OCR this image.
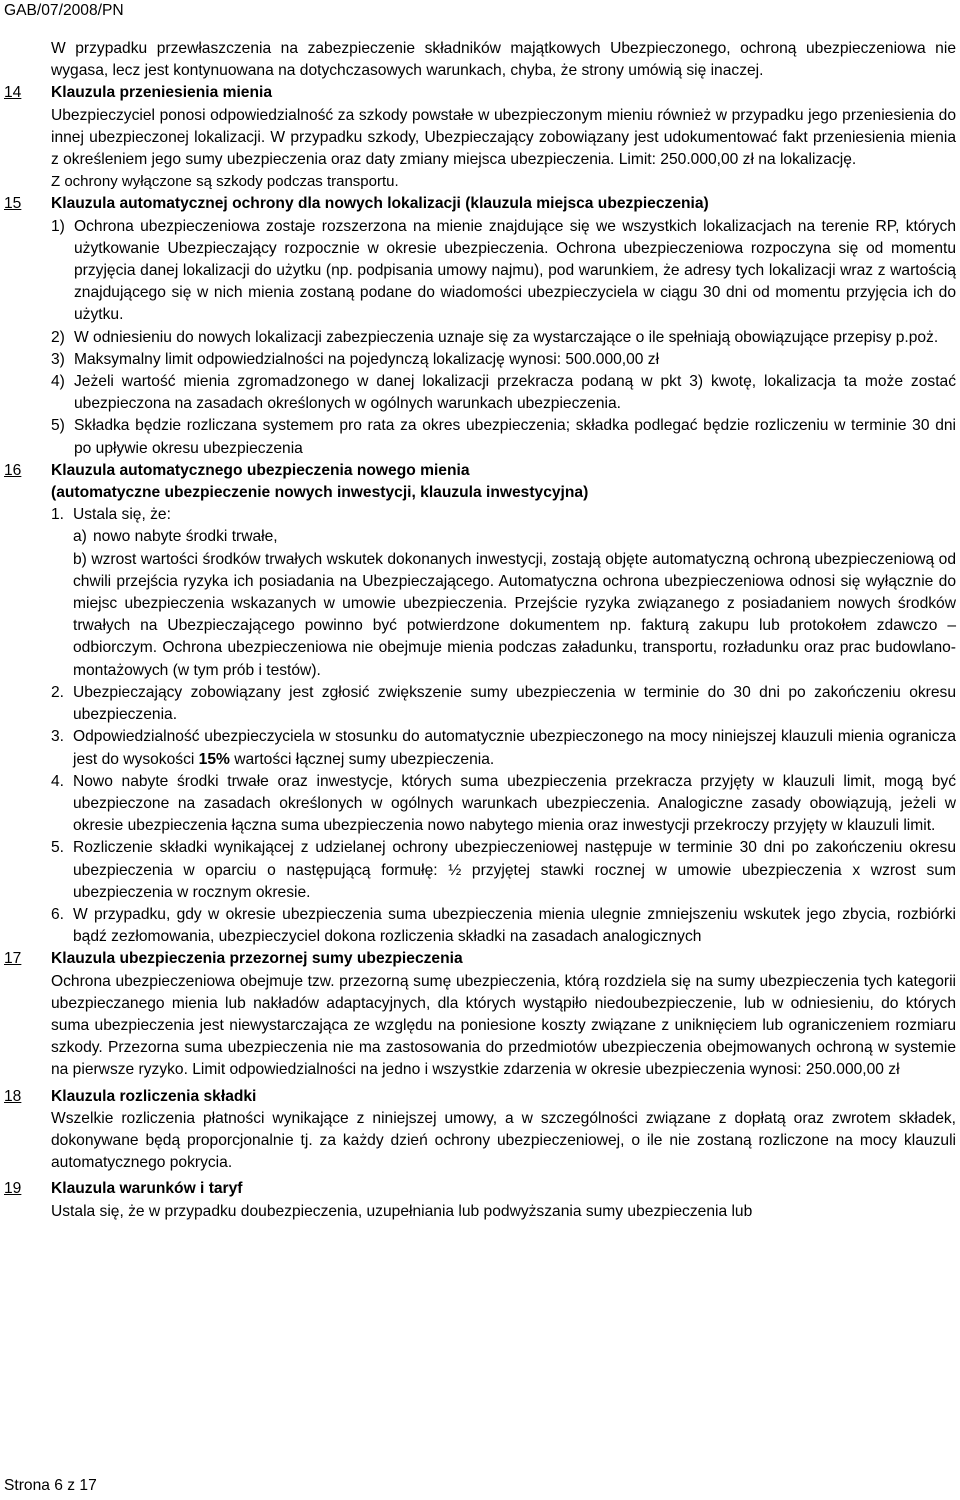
GAB/07/2008/PN
W przypadku przewłaszczenia na zabezpieczenie składników majątkowych Ubezpieczonego, ochroną ubezpieczeniowa nie wygasa, lecz jest kontynuowana na dotychczasowych warunkach, chyba, że strony umówią się inaczej.
14 Klauzula przeniesienia mienia
Ubezpieczyciel ponosi odpowiedzialność za szkody powstałe w ubezpieczonym mieniu również w przypadku jego przeniesienia do innej ubezpieczonej lokalizacji. W przypadku szkody, Ubezpieczający zobowiązany jest udokumentować fakt przeniesienia mienia z określeniem jego sumy ubezpieczenia oraz daty zmiany miejsca ubezpieczenia. Limit: 250.000,00 zł na lokalizację.
Z ochrony wyłączone są szkody podczas transportu.
15 Klauzula automatycznej ochrony dla nowych lokalizacji (klauzula miejsca ubezpieczenia)
1) Ochrona ubezpieczeniowa zostaje rozszerzona na mienie znajdujące się we wszystkich lokalizacjach na terenie RP, których użytkowanie Ubezpieczający rozpocznie w okresie ubezpieczenia. Ochrona ubezpieczeniowa rozpoczyna się od momentu przyjęcia danej lokalizacji do użytku (np. podpisania umowy najmu), pod warunkiem, że adresy tych lokalizacji wraz z wartością znajdującego się w nich mienia zostaną podane do wiadomości ubezpieczyciela w ciągu 30 dni od momentu przyjęcia ich do użytku.
2) W odniesieniu do nowych lokalizacji zabezpieczenia uznaje się za wystarczające o ile spełniają obowiązujące przepisy p.poż.
3) Maksymalny limit odpowiedzialności na pojedynczą lokalizację wynosi: 500.000,00 zł
4) Jeżeli wartość mienia zgromadzonego w danej lokalizacji przekracza podaną w pkt 3) kwotę, lokalizacja ta może zostać ubezpieczona na zasadach określonych w ogólnych warunkach ubezpieczenia.
5) Składka będzie rozliczana systemem pro rata za okres ubezpieczenia; składka podlegać będzie rozliczeniu w terminie 30 dni po upływie okresu ubezpieczenia
16 Klauzula automatycznego ubezpieczenia nowego mienia
(automatyczne ubezpieczenie nowych inwestycji, klauzula inwestycyjna)
1. Ustala się, że:
a) nowo nabyte środki trwałe,
b) wzrost wartości środków trwałych wskutek dokonanych inwestycji, zostają objęte automatyczną ochroną ubezpieczeniową od chwili przejścia ryzyka ich posiadania na Ubezpieczającego. Automatyczna ochrona ubezpieczeniowa odnosi się wyłącznie do miejsc ubezpieczenia wskazanych w umowie ubezpieczenia. Przejście ryzyka związanego z posiadaniem nowych środków trwałych na Ubezpieczającego powinno być potwierdzone dokumentem np. fakturą zakupu lub protokołem zdawczo – odbiorczym. Ochrona ubezpieczeniowa nie obejmuje mienia podczas załadunku, transportu, rozładunku oraz prac budowlano-montażowych (w tym prób i testów).
2. Ubezpieczający zobowiązany jest zgłosić zwiększenie sumy ubezpieczenia w terminie do 30 dni po zakończeniu okresu ubezpieczenia.
3. Odpowiedzialność ubezpieczyciela w stosunku do automatycznie ubezpieczonego na mocy niniejszej klauzuli mienia ogranicza jest do wysokości 15% wartości łącznej sumy ubezpieczenia.
4. Nowo nabyte środki trwałe oraz inwestycje, których suma ubezpieczenia przekracza przyjęty w klauzuli limit, mogą być ubezpieczone na zasadach określonych w ogólnych warunkach ubezpieczenia. Analogiczne zasady obowiązują, jeżeli w okresie ubezpieczenia łączna suma ubezpieczenia nowo nabytego mienia oraz inwestycji przekroczy przyjęty w klauzuli limit.
5. Rozliczenie składki wynikającej z udzielanej ochrony ubezpieczeniowej następuje w terminie 30 dni po zakończeniu okresu ubezpieczenia w oparciu o następującą formułę: ½ przyjętej stawki rocznej w umowie ubezpieczenia x wzrost sum ubezpieczenia w rocznym okresie.
6. W przypadku, gdy w okresie ubezpieczenia suma ubezpieczenia mienia ulegnie zmniejszeniu wskutek jego zbycia, rozbiórki bądź zezłomowania, ubezpieczyciel dokona rozliczenia składki na zasadach analogicznych
17 Klauzula ubezpieczenia przezornej sumy ubezpieczenia
Ochrona ubezpieczeniowa obejmuje tzw. przezorną sumę ubezpieczenia, którą rozdziela się na sumy ubezpieczenia tych kategorii ubezpieczanego mienia lub nakładów adaptacyjnych, dla których wystąpiło niedoubezpieczenie, lub w odniesieniu, do których suma ubezpieczenia jest niewystarczająca ze względu na poniesione koszty związane z uniknięciem lub ograniczeniem rozmiaru szkody. Przezorna suma ubezpieczenia nie ma zastosowania do przedmiotów ubezpieczenia obejmowanych ochroną w systemie na pierwsze ryzyko. Limit odpowiedzialności na jedno i wszystkie zdarzenia w okresie ubezpieczenia wynosi: 250.000,00 zł
18 Klauzula rozliczenia składki
Wszelkie rozliczenia płatności wynikające z niniejszej umowy, a w szczególności związane z dopłatą oraz zwrotem składek, dokonywane będą proporcjonalnie tj. za każdy dzień ochrony ubezpieczeniowej, o ile nie zostaną rozliczone na mocy klauzuli automatycznego pokrycia.
19 Klauzula warunków i taryf
Ustala się, że w przypadku doubezpieczenia, uzupełniania lub podwyższania sumy ubezpieczenia lub
Strona 6 z 17
